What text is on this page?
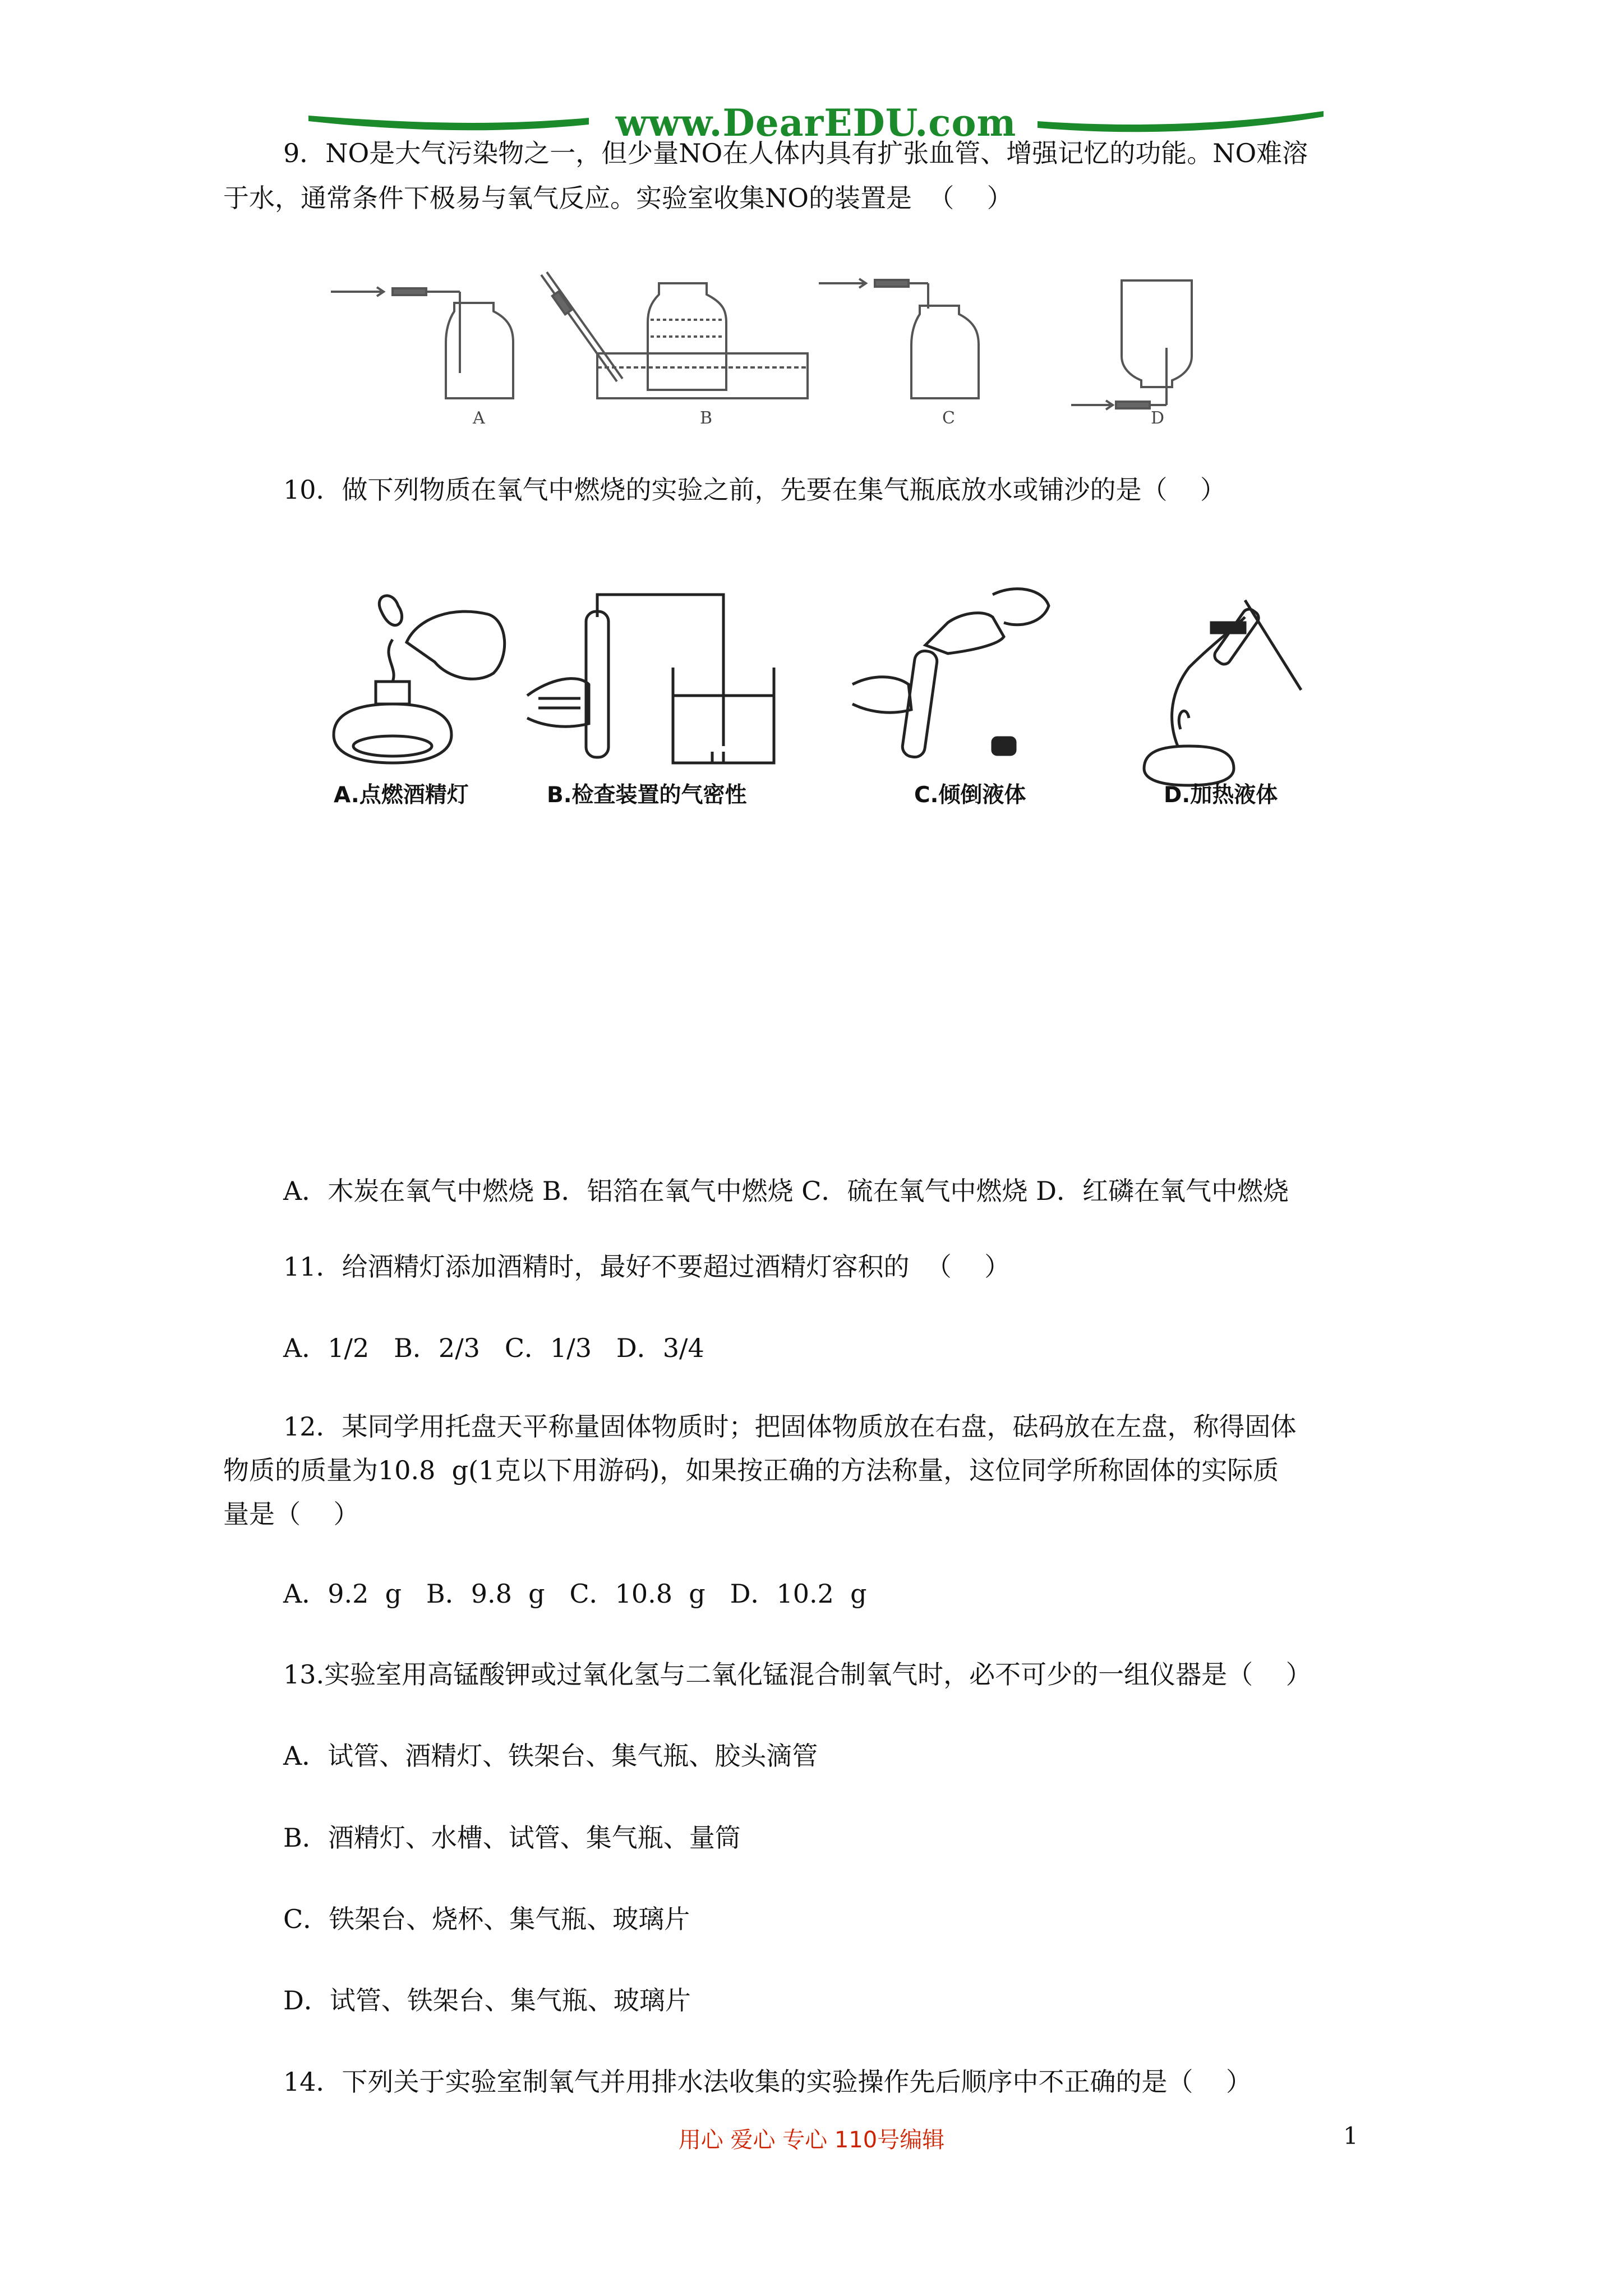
www.DearEDU.com
9．NO是大气污染物之一，但少量NO在人体内具有扩张血管、增强记忆的功能。NO难溶
于水，通常条件下极易与氧气反应。实验室收集NO的装置是  （    ）
A	B	C	D
10．做下列物质在氧气中燃烧的实验之前，先要在集气瓶底放水或铺沙的是（    ）
A.点燃酒精灯	B.检查装置的气密性	C.倾倒液体	D.加热液体
A．木炭在氧气中燃烧 B．铝箔在氧气中燃烧 C．硫在氧气中燃烧 D．红磷在氧气中燃烧
11．给酒精灯添加酒精时，最好不要超过酒精灯容积的  （    ）
A．1/2   B．2/3   C．1/3   D．3/4
12．某同学用托盘天平称量固体物质时；把固体物质放在右盘，砝码放在左盘，称得固体
物质的质量为10.8  g(1克以下用游码)，如果按正确的方法称量，这位同学所称固体的实际质
量是（    ）
A．9.2  g   B．9.8  g   C．10.8  g   D．10.2  g
13.实验室用高锰酸钾或过氧化氢与二氧化锰混合制氧气时，必不可少的一组仪器是（    ）
A．试管、酒精灯、铁架台、集气瓶、胶头滴管
B．酒精灯、水槽、试管、集气瓶、量筒
C．铁架台、烧杯、集气瓶、玻璃片
D．试管、铁架台、集气瓶、玻璃片
14．下列关于实验室制氧气并用排水法收集的实验操作先后顺序中不正确的是（    ）
用心 爱心 专心 110号编辑	1
